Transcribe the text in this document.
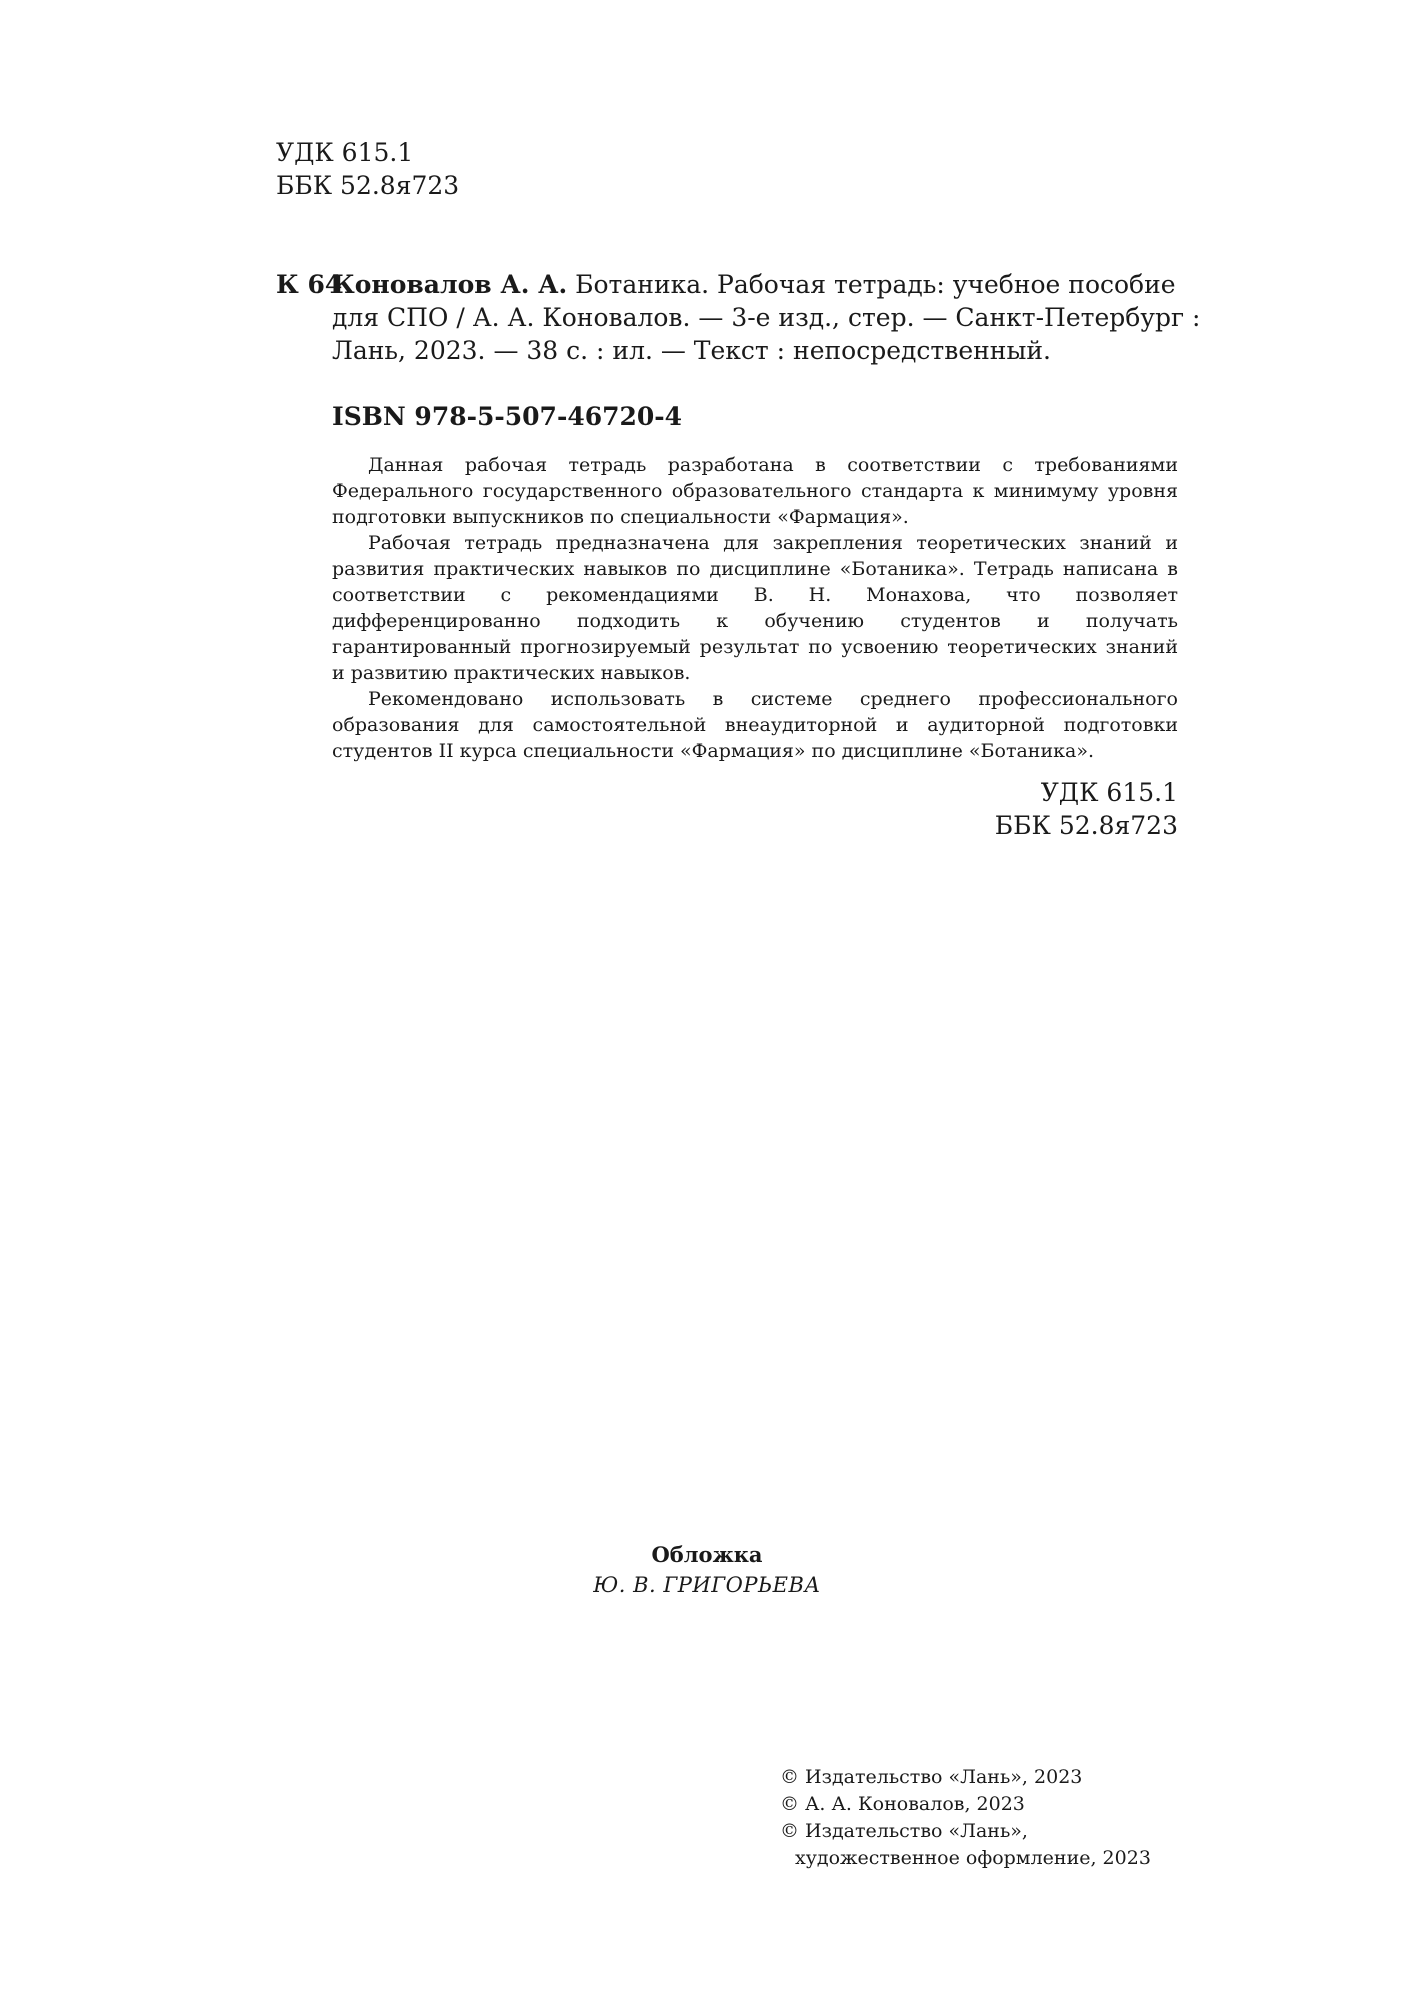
УДК 615.1
ББК 52.8я723
К 64

Коновалов А. А. Ботаника. Рабочая тетрадь: учебное пособие

для СПО / А. А. Коновалов. — 3-е изд., стер. — Санкт-Петербург :

Лань, 2023. — 38 с. : ил. — Текст : непосредственный.

ISBN 978-5-507-46720-4

Данная рабочая тетрадь разработана в соответствии с требованиями Федерального государственного образовательного стандарта к минимуму уровня подготовки выпускников по специальности «Фармация».

Рабочая тетрадь предназначена для закрепления теоретических знаний и развития практических навыков по дисциплине «Ботаника». Тетрадь написана в соответствии с рекомендациями В. Н. Монахова, что позволяет дифференцированно подходить к обучению студентов и получать гарантированный прогнозируемый результат по усвоению теоретических знаний и развитию практических навыков.

Рекомендовано использовать в системе среднего профессионального образования для самостоятельной внеаудиторной и аудиторной подготовки студентов II курса специальности «Фармация» по дисциплине «Ботаника».

УДК 615.1
ББК 52.8я723
Обложка
Ю. В. ГРИГОРЬЕВА
© Издательство «Лань», 2023
© А. А. Коновалов, 2023
© Издательство «Лань»,
художественное оформление, 2023
